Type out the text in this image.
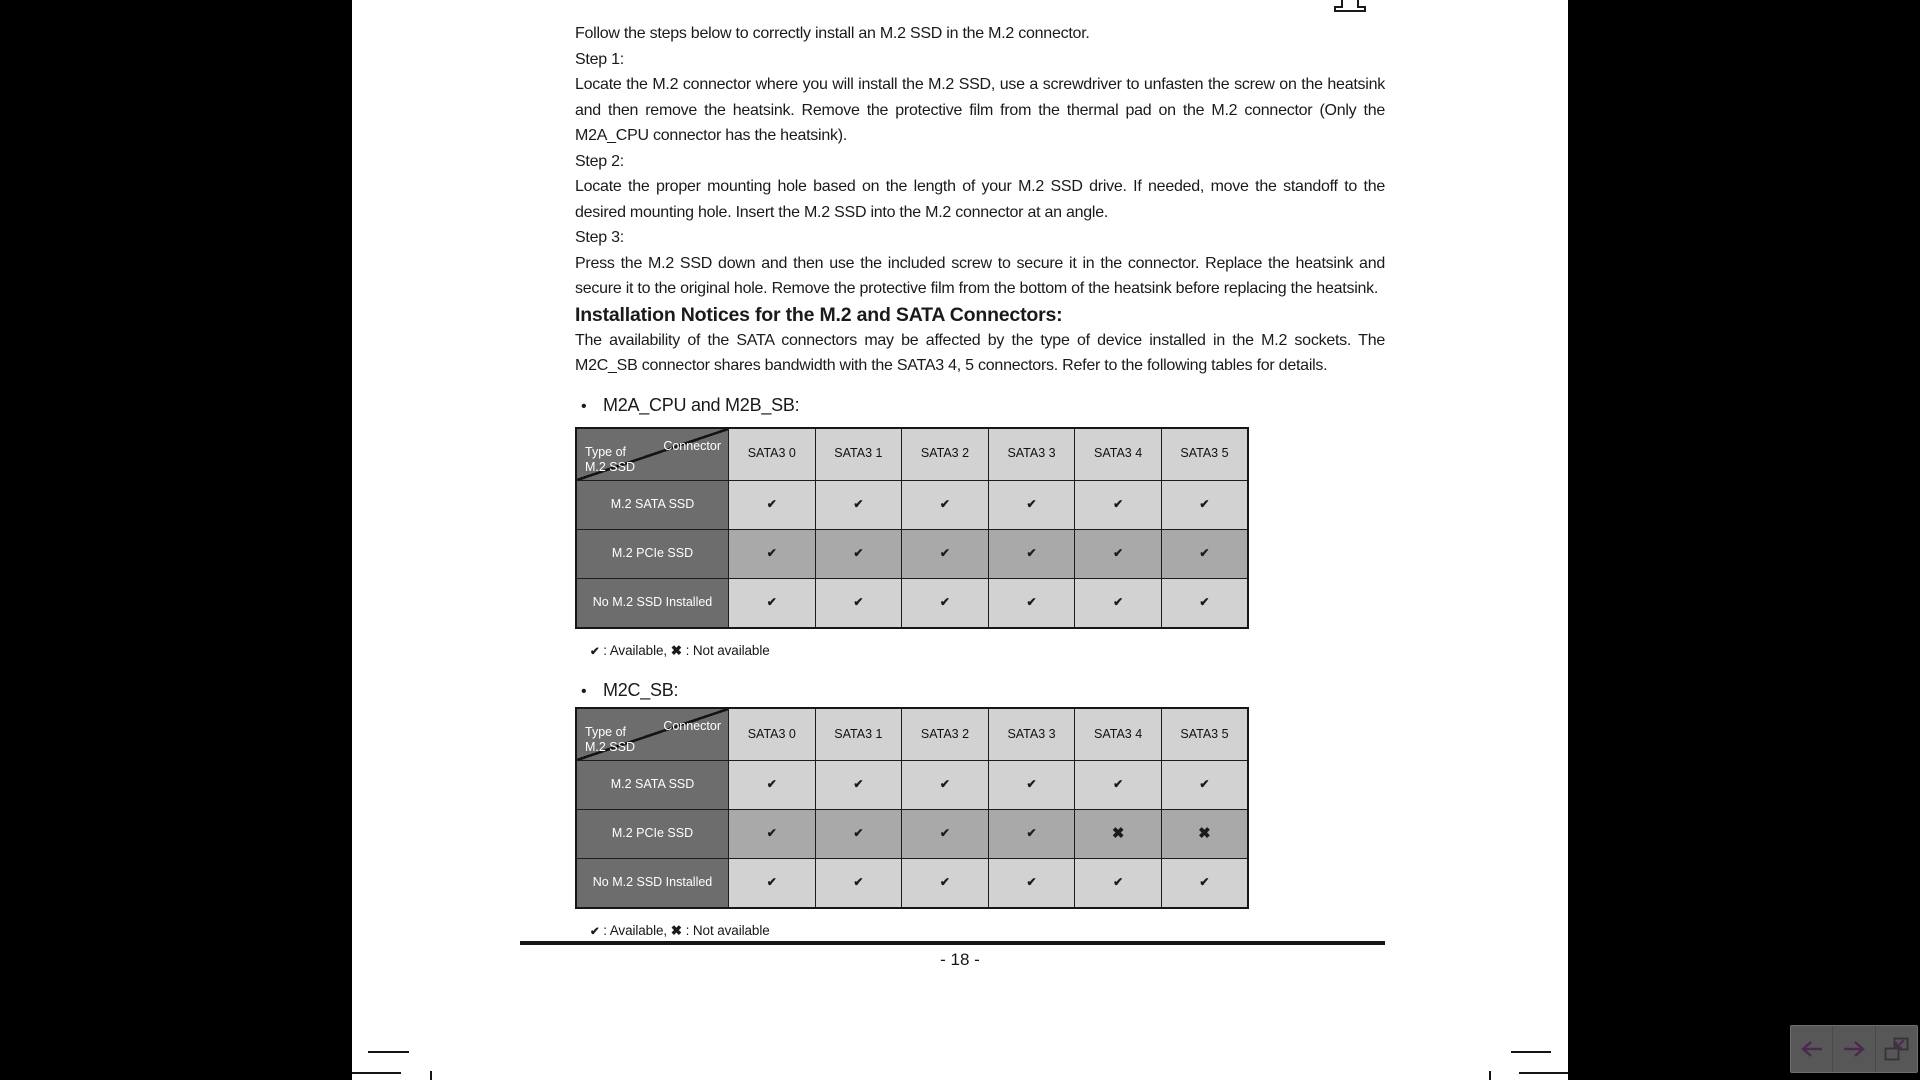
Follow the steps below to correctly install an M.2 SSD in the M.2 connector.

Step 1:

Locate the M.2 connector where you will install the M.2 SSD, use a screwdriver to unfasten the screw on the heatsink and then remove the heatsink. Remove the protective film from the thermal pad on the M.2 connector (Only the M2A_CPU connector has the heatsink).

Step 2:

Locate the proper mounting hole based on the length of your M.2 SSD drive. If needed, move the standoff to the desired mounting hole. Insert the M.2 SSD into the M.2 connector at an angle.

Step 3:

Press the M.2 SSD down and then use the included screw to secure it in the connector. Replace the heatsink and secure it to the original hole. Remove the protective film from the bottom of the heatsink before replacing the heatsink.

Installation Notices for the M.2 and SATA Connectors:

The availability of the SATA connectors may be affected by the type of device installed in the M.2 sockets. The M2C_SB connector shares bandwidth with the SATA3 4, 5 connectors. Refer to the following tables for details.

• M2A_CPU and M2B_SB:
Connector
Type of
M.2 SSD	SATA3 0	SATA3 1	SATA3 2	SATA3 3	SATA3 4	SATA3 5
M.2 SATA SSD	✔	✔	✔	✔	✔	✔
M.2 PCIe SSD	✔	✔	✔	✔	✔	✔
No M.2 SSD Installed	✔	✔	✔	✔	✔	✔
✔ : Available, ✖ : Not available
• M2C_SB:
Connector
Type of
M.2 SSD	SATA3 0	SATA3 1	SATA3 2	SATA3 3	SATA3 4	SATA3 5
M.2 SATA SSD	✔	✔	✔	✔	✔	✔
M.2 PCIe SSD	✔	✔	✔	✔	✖	✖
No M.2 SSD Installed	✔	✔	✔	✔	✔	✔
✔ : Available, ✖ : Not available
- 18 -
